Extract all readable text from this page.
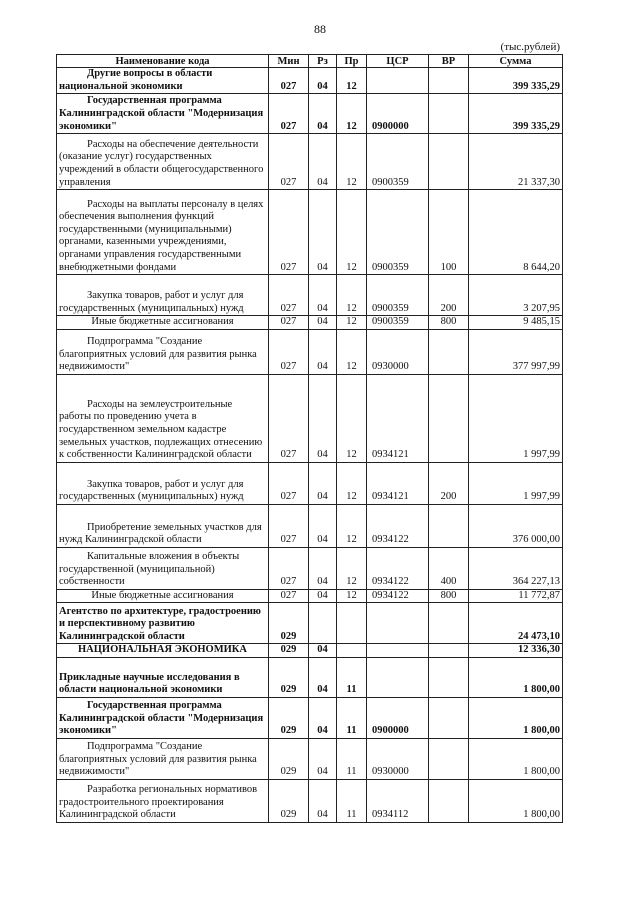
88
(тыс.рублей)
Наименование кода	Мин	Рз	Пр	ЦСР	ВР	Сумма
Другие вопросы в области национальной экономики	027	04	12			399 335,29
Государственная программа Калининградской области "Модернизация экономики"	027	04	12	0900000		399 335,29
Расходы на обеспечение деятельности (оказание услуг) государственных учреждений в области общегосударственного управления	027	04	12	0900359		21 337,30
Расходы на выплаты персоналу в целях обеспечения выполнения функций государственными (муниципальными) органами, казенными учреждениями, органами управления государственными внебюджетными фондами	027	04	12	0900359	100	8 644,20
Закупка товаров, работ и услуг для государственных (муниципальных) нужд	027	04	12	0900359	200	3 207,95
Иные бюджетные ассигнования	027	04	12	0900359	800	9 485,15
Подпрограмма "Создание благоприятных условий для развития рынка недвижимости"	027	04	12	0930000		377 997,99
Расходы на землеустроительные работы по проведению учета в государственном земельном кадастре земельных участков, подлежащих отнесению к собственности Калининградской области	027	04	12	0934121		1 997,99
Закупка товаров, работ и услуг для государственных (муниципальных) нужд	027	04	12	0934121	200	1 997,99
Приобретение земельных участков для нужд Калининградской области	027	04	12	0934122		376 000,00
Капитальные вложения в объекты государственной (муниципальной) собственности	027	04	12	0934122	400	364 227,13
Иные бюджетные ассигнования	027	04	12	0934122	800	11 772,87
Агентство по архитектуре, градостроению и перспективному развитию Калининградской области	029					24 473,10
НАЦИОНАЛЬНАЯ ЭКОНОМИКА	029	04				12 336,30
Прикладные научные исследования в области национальной экономики	029	04	11			1 800,00
Государственная программа Калининградской области "Модернизация экономики"	029	04	11	0900000		1 800,00
Подпрограмма "Создание благоприятных условий для развития рынка недвижимости"	029	04	11	0930000		1 800,00
Разработка региональных нормативов градостроительного проектирования Калининградской области	029	04	11	0934112		1 800,00
